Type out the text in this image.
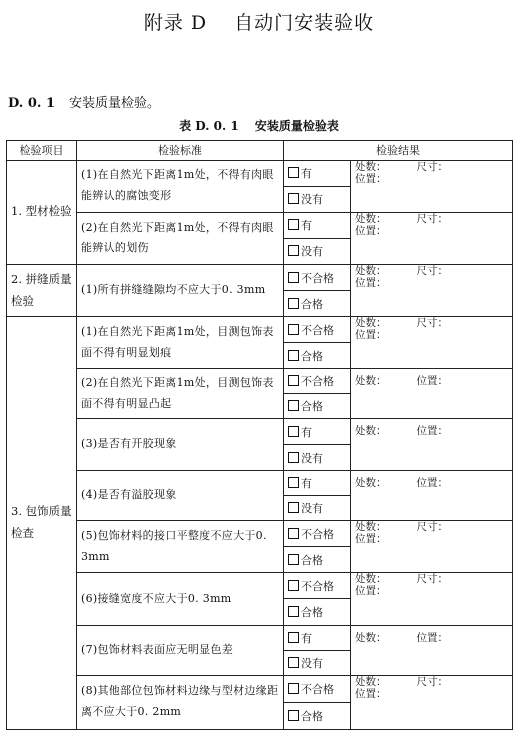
附录 D　 自动门安装验收
D. 0. 1 安装质量检验。
表 D. 0. 1　 安装质量检验表
检验项目	检验标准	检验结果	
1. 型材检验	(1)在自然光下距离1m处，不得有肉眼能辨认的腐蚀变形	有	处数： 尺寸：
位置：

		没有	
	(2)在自然光下距离1m处，不得有肉眼能辨认的划伤	有	处数： 尺寸：
位置：

		没有	
2. 拼缝质量检验	(1)所有拼缝缝隙均不应大于0. 3mm	不合格	处数： 尺寸：
位置：

		合格	
3. 包饰质量检查	(1)在自然光下距离1m处，目测包饰表面不得有明显划痕	不合格	处数： 尺寸：
位置：

		合格	
	(2)在自然光下距离1m处，目测包饰表面不得有明显凸起	不合格	处数： 位置：

		合格	
	(3)是否有开胶现象	有	处数： 位置：

		没有	
	(4)是否有溢胶现象	有	处数： 位置：

		没有	
	(5)包饰材料的接口平整度不应大于0. 3mm	不合格	处数： 尺寸：
位置：

		合格	
	(6)接缝宽度不应大于0. 3mm	不合格	处数： 尺寸：
位置：

		合格	
	(7)包饰材料表面应无明显色差	有	处数： 位置：

		没有	
	(8)其他部位包饰材料边缘与型材边缘距离不应大于0. 2mm	不合格	处数： 尺寸：
位置：

		合格	
